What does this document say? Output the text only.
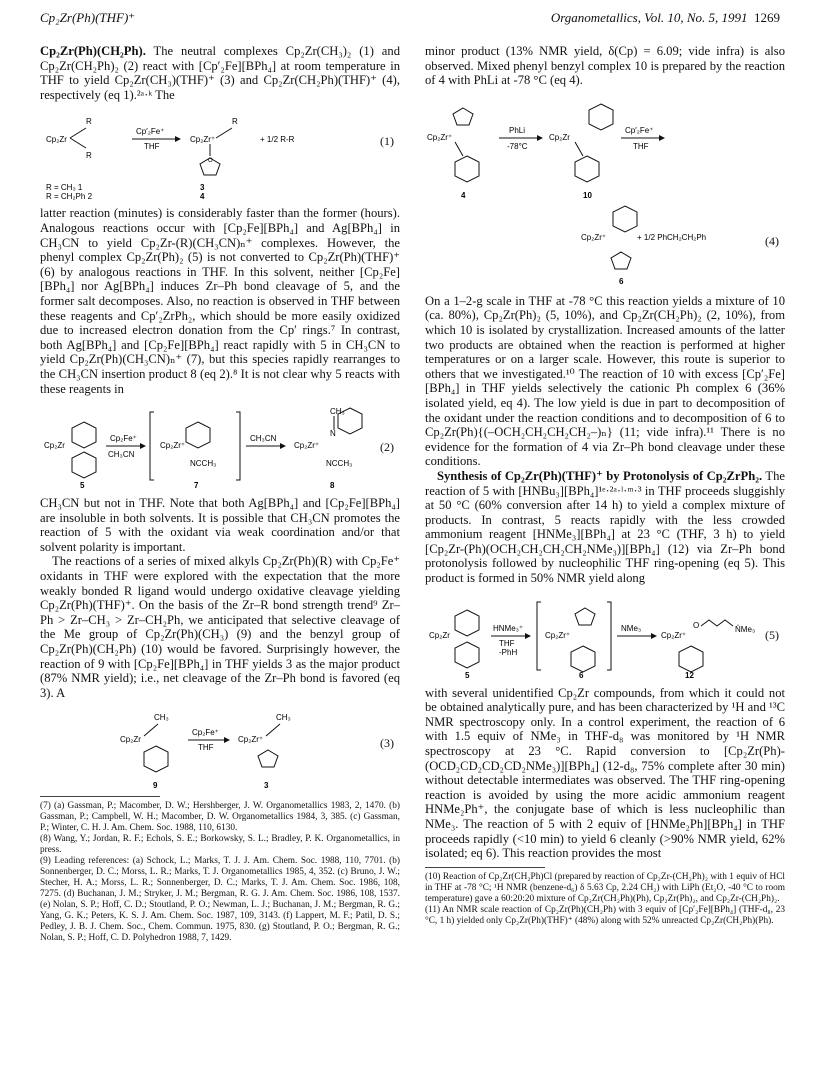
Cp₂Zr(Ph)(THF)⁺	Organometallics, Vol. 10, No. 5, 1991 1269

Cp₂Zr(Ph)(CH₂Ph). The neutral complexes Cp₂Zr(CH₃)₂ (1) and Cp₂Zr(CH₂Ph)₂ (2) react with [Cp′₂Fe][BPh₄] at room temperature in THF to yield Cp₂Zr(CH₃)(THF)⁺ (3) and Cp₂Zr(CH₂Ph)(THF)⁺ (4), respectively (eq 1).²ᵃ·ᵏ The

Cp₂Zr
R
R
Cp′₂Fe⁺
THF
Cp₂Zr⁺
R
O
+ 1/2 R-R
3
4
R = CH₃ 1
R = CH₂Ph 2
(1)

latter reaction (minutes) is considerably faster than the former (hours). Analogous reactions occur with [Cp₂Fe][BPh₄] and Ag[BPh₄] in CH₃CN to yield Cp₂Zr-(R)(CH₃CN)ₙ⁺ complexes. However, the phenyl complex Cp₂Zr(Ph)₂ (5) is not converted to Cp₂Zr(Ph)(THF)⁺ (6) by analogous reactions in THF. In this solvent, neither [Cp₂Fe][BPh₄] nor Ag[BPh₄] induces Zr–Ph bond cleavage of 5, and the former salt decomposes. Also, no reaction is observed in THF between these reagents and Cp′₂ZrPh₂, which should be more easily oxidized due to increased electron donation from the Cp′ rings.⁷ In contrast, both Ag[BPh₄] and [Cp₂Fe][BPh₄] react rapidly with 5 in CH₃CN to yield Cp₂Zr(Ph)(CH₃CN)ₙ⁺ (7), but this species rapidly rearranges to the CH₃CN insertion product 8 (eq 2).⁸ It is not clear why 5 reacts with these reagents in

Cp₂Zr
Cp₂Fe⁺
CH₃CN
Cp₂Zr⁺
NCCH₃
CH₃CN
Cp₂Zr⁺
CH₃
N
NCCH₃
5	7	8
(2)

CH₃CN but not in THF. Note that both Ag[BPh₄] and [Cp₂Fe][BPh₄] are insoluble in both solvents. It is possible that CH₃CN promotes the reaction of 5 with the oxidant via weak coordination and/or that solvent polarity is important.

The reactions of a series of mixed alkyls Cp₂Zr(Ph)(R) with Cp₂Fe⁺ oxidants in THF were explored with the expectation that the more weakly bonded R ligand would undergo oxidative cleavage yielding Cp₂Zr(Ph)(THF)⁺. On the basis of the Zr–R bond strength trend⁹ Zr–Ph > Zr–CH₃ > Zr–CH₂Ph, we anticipated that selective cleavage of the Me group of Cp₂Zr(Ph)(CH₃) (9) and the benzyl group of Cp₂Zr(Ph)(CH₂Ph) (10) would be favored. Surprisingly however, the reaction of 9 with [Cp₂Fe][BPh₄] in THF yields 3 as the major product (87% NMR yield); i.e., net cleavage of the Zr–Ph bond is favored (eq 3). A

Cp₂Zr
CH₃
Cp₂Fe⁺
THF
Cp₂Zr⁺
CH₃
9	3
(3)

(7) (a) Gassman, P.; Macomber, D. W.; Hershberger, J. W. Organometallics 1983, 2, 1470. (b) Gassman, P.; Campbell, W. H.; Macomber, D. W. Organometallics 1984, 3, 385. (c) Gassman, P.; Winter, C. H. J. Am. Chem. Soc. 1988, 110, 6130.

(8) Wang, Y.; Jordan, R. F.; Echols, S. E.; Borkowsky, S. L.; Bradley, P. K. Organometallics, in press.

(9) Leading references: (a) Schock, L.; Marks, T. J. J. Am. Chem. Soc. 1988, 110, 7701. (b) Sonnenberger, D. C.; Morss, L. R.; Marks, T. J. Organometallics 1985, 4, 352. (c) Bruno, J. W.; Stecher, H. A.; Morss, L. R.; Sonnenberger, D. C.; Marks, T. J. Am. Chem. Soc. 1986, 108, 7275. (d) Buchanan, J. M.; Stryker, J. M.; Bergman, R. G. J. Am. Chem. Soc. 1986, 108, 1537. (e) Nolan, S. P.; Hoff, C. D.; Stoutland, P. O.; Newman, L. J.; Buchanan, J. M.; Bergman, R. G.; Yang, G. K.; Peters, K. S. J. Am. Chem. Soc. 1987, 109, 3143. (f) Lappert, M. F.; Patil, D. S.; Pedley, J. B. J. Chem. Soc., Chem. Commun. 1975, 830. (g) Stoutland, P. O.; Bergman, R. G.; Nolan, S. P.; Hoff, C. D. Polyhedron 1988, 7, 1429.

minor product (13% NMR yield, δ(Cp) = 6.09; vide infra) is also observed. Mixed phenyl benzyl complex 10 is prepared by the reaction of 4 with PhLi at -78 °C (eq 4).

Cp₂Zr⁺
PhLi
-78°C
Cp₂Zr
Cp′₂Fe⁺
THF
4	10
Cp₂Zr⁺	+ 1/2 PhCH₂CH₂Ph
6
(4)

On a 1–2-g scale in THF at -78 °C this reaction yields a mixture of 10 (ca. 80%), Cp₂Zr(Ph)₂ (5, 10%), and Cp₂Zr(CH₂Ph)₂ (2, 10%), from which 10 is isolated by crystallization. Increased amounts of the latter two products are obtained when the reaction is performed at higher temperatures or on a larger scale. However, this route is superior to others that we investigated.¹⁰ The reaction of 10 with excess [Cp′₂Fe][BPh₄] in THF yields selectively the cationic Ph complex 6 (36% isolated yield, eq 4). The low yield is due in part to decomposition of the oxidant under the reaction conditions and to decomposition of 6 to Cp₂Zr(Ph){(–OCH₂CH₂CH₂CH₂–)ₙ} (11; vide infra).¹¹ There is no evidence for the formation of 4 via Zr–Ph bond cleavage under these conditions.

Synthesis of Cp₂Zr(Ph)(THF)⁺ by Protonolysis of Cp₂ZrPh₂. The reaction of 5 with [HNBu₃][BPh₄]¹ᵉ·²ᵃ·ˡ·ᵐ·³ in THF proceeds sluggishly at 50 °C (60% conversion after 14 h) to yield a complex mixture of products. In contrast, 5 reacts rapidly with the less crowded ammonium reagent [HNMe₃][BPh₄] at 23 °C (THF, 3 h) to yield [Cp₂Zr-(Ph)(OCH₂CH₂CH₂CH₂NMe₃)][BPh₄] (12) via Zr–Ph bond protonolysis followed by nucleophilic THF ring-opening (eq 5). This product is formed in 50% NMR yield along

Cp₂Zr
HNMe₃⁺
THF
-PhH
Cp₂Zr⁺
NMe₃
Cp₂Zr⁺
O	N̊Me₃
5	6	12
(5)

with several unidentified Cp₂Zr compounds, from which it could not be obtained analytically pure, and has been characterized by ¹H and ¹³C NMR spectroscopy only. In a control experiment, the reaction of 6 with 1.5 equiv of NMe₃ in THF-d₈ was monitored by ¹H NMR spectroscopy at 23 °C. Rapid conversion to [Cp₂Zr(Ph)-(OCD₂CD₂CD₂CD₂NMe₃)][BPh₄] (12-d₈, 75% complete after 30 min) without detectable intermediates was observed. The THF ring-opening reaction is avoided by using the more acidic ammonium reagent HNMe₂Ph⁺, the conjugate base of which is less nucleophilic than NMe₃. The reaction of 5 with 2 equiv of [HNMe₂Ph][BPh₄] in THF proceeds rapidly (<10 min) to yield 6 cleanly (>90% NMR yield, 62% isolated; eq 6). This reaction provides the most

(10) Reaction of Cp₂Zr(CH₂Ph)Cl (prepared by reaction of Cp₂Zr-(CH₂Ph)₂ with 1 equiv of HCl in THF at -78 °C; ¹H NMR (benzene-d₆) δ 5.63 Cp, 2.24 CH₂) with LiPh (Et₂O, -40 °C to room temperature) gave a 60:20:20 mixture of Cp₂Zr(CH₂Ph)(Ph), Cp₂Zr(Ph)₂, and Cp₂Zr-(CH₂Ph)₂.

(11) An NMR scale reaction of Cp₂Zr(Ph)(CH₂Ph) with 3 equiv of [Cp′₂Fe][BPh₄] (THF-d₈, 23 °C, 1 h) yielded only Cp₂Zr(Ph)(THF)⁺ (48%) along with 52% unreacted Cp₂Zr(CH₂Ph)(Ph).
